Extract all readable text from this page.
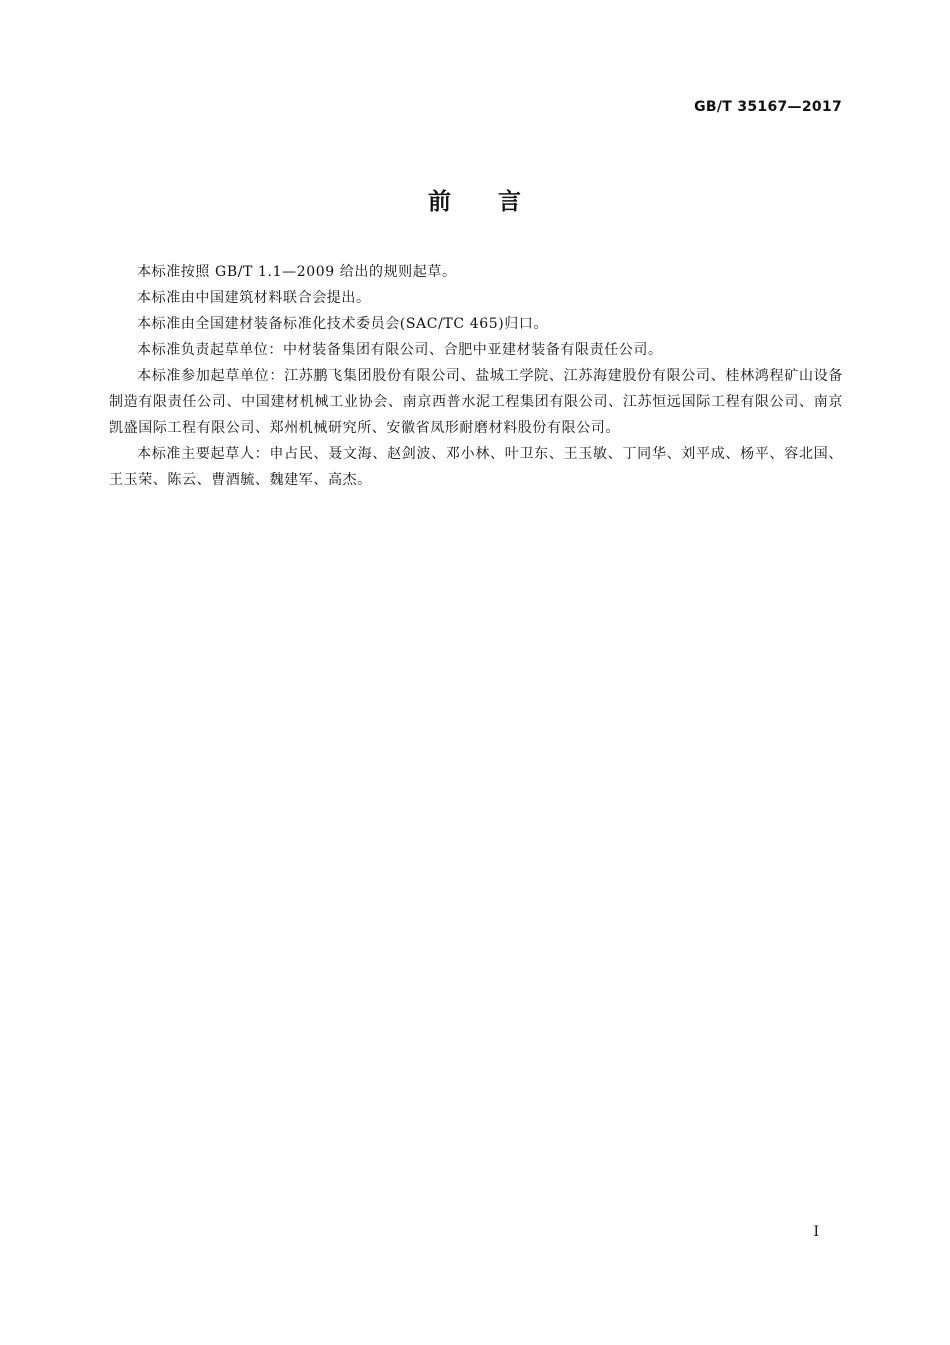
GB/T 35167—2017
前 言

本标准按照 GB/T 1.1—2009 给出的规则起草。

本标准由中国建筑材料联合会提出。

本标准由全国建材装备标准化技术委员会(SAC/TC 465)归口。

本标准负责起草单位：中材装备集团有限公司、合肥中亚建材装备有限责任公司。

本标准参加起草单位：江苏鹏飞集团股份有限公司、盐城工学院、江苏海建股份有限公司、桂林鸿程矿山设备制造有限责任公司、中国建材机械工业协会、南京西普水泥工程集团有限公司、江苏恒远国际工程有限公司、南京凯盛国际工程有限公司、郑州机械研究所、安徽省凤形耐磨材料股份有限公司。

本标准主要起草人：申占民、聂文海、赵剑波、邓小林、叶卫东、王玉敏、丁同华、刘平成、杨平、容北国、王玉荣、陈云、曹酒毓、魏建军、高杰。

I
